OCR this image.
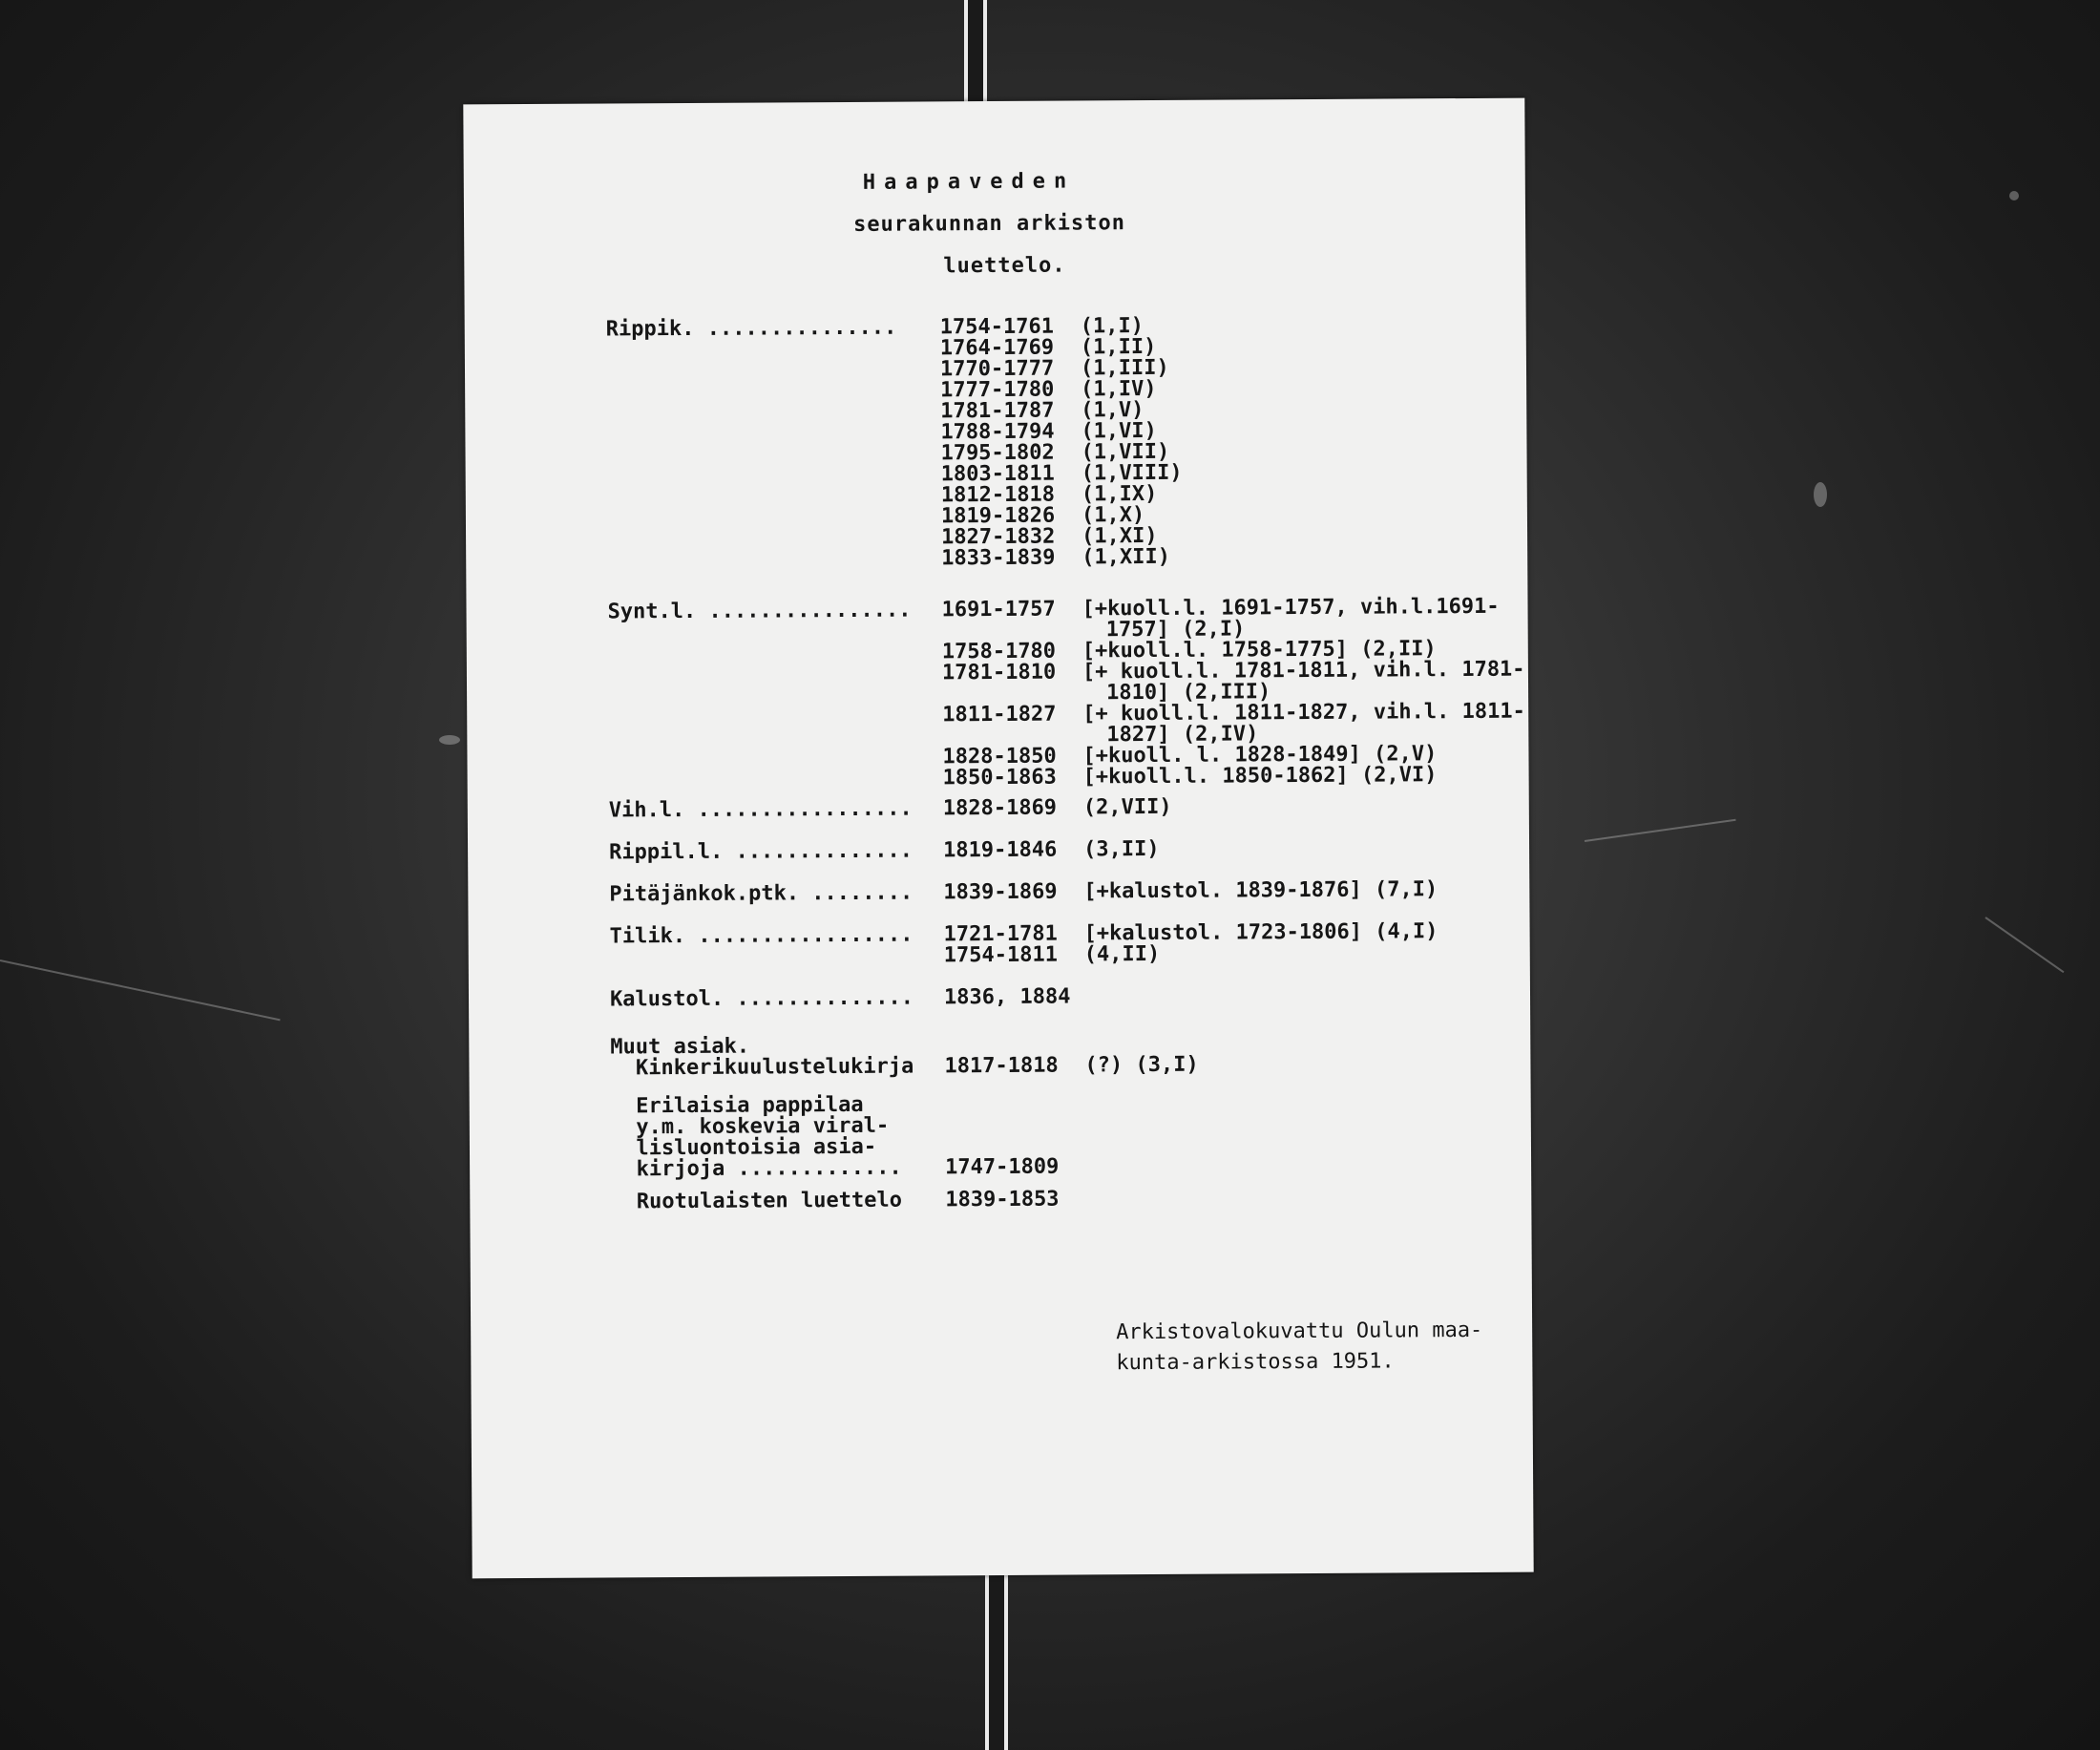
Haapaveden
seurakunnan arkiston
luettelo.
Rippik. ............... 1754-1761 (1,I)
1764-1769 (1,II)
1770-1777 (1,III)
1777-1780 (1,IV)
1781-1787 (1,V)
1788-1794 (1,VI)
1795-1802 (1,VII)
1803-1811 (1,VIII)
1812-1818 (1,IX)
1819-1826 (1,X)
1827-1832 (1,XI)
1833-1839 (1,XII)
Synt.l. ................ 1691-1757 [+kuoll.l. 1691-1757, vih.l.1691-
1757] (2,I)
1758-1780 [+kuoll.l. 1758-1775] (2,II)
1781-1810 [+ kuoll.l. 1781-1811, vih.l. 1781-
1810] (2,III)
1811-1827 [+ kuoll.l. 1811-1827, vih.l. 1811-
1827] (2,IV)
1828-1850 [+kuoll. l. 1828-1849] (2,V)
1850-1863 [+kuoll.l. 1850-1862] (2,VI)
Vih.l. ................. 1828-1869 (2,VII)
Rippil.l. .............. 1819-1846 (3,II)
Pitäjänkok.ptk. ........ 1839-1869 [+kalustol. 1839-1876] (7,I)
Tilik. ................. 1721-1781 [+kalustol. 1723-1806] (4,I)
1754-1811 (4,II)
Kalustol. .............. 1836, 1884
Muut asiak.
Kinkerikuulustelukirja 1817-1818 (?) (3,I)
Erilaisia pappilaa
y.m. koskevia viral-
lisluontoisia asia-
kirjoja ............. 1747-1809
Ruotulaisten luettelo 1839-1853
Arkistovalokuvattu Oulun maa-
kunta-arkistossa 1951.
